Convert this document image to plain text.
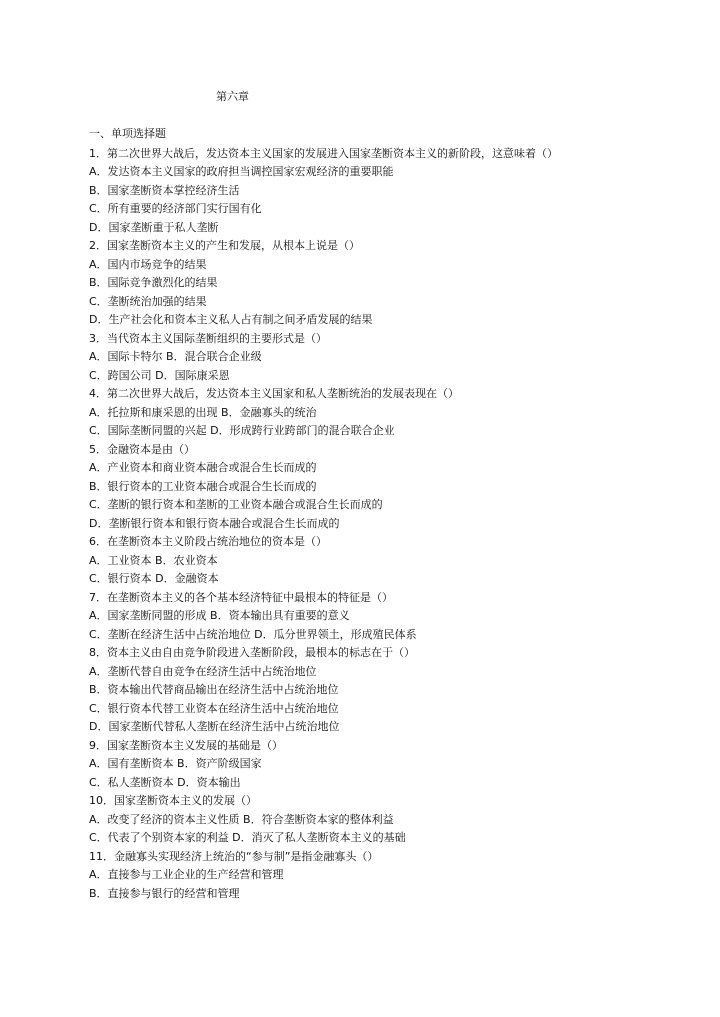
第六章
一、单项选择题
1．第二次世界大战后，发达资本主义国家的发展进入国家垄断资本主义的新阶段，这意味着（）
A．发达资本主义国家的政府担当调控国家宏观经济的重要职能
B．国家垄断资本掌控经济生活
C．所有重要的经济部门实行国有化
D．国家垄断重于私人垄断
2．国家垄断资本主义的产生和发展，从根本上说是（）
A．国内市场竞争的结果
B．国际竞争激烈化的结果
C．垄断统治加强的结果
D．生产社会化和资本主义私人占有制之间矛盾发展的结果
3．当代资本主义国际垄断组织的主要形式是（）
A．国际卡特尔 B．混合联合企业级
C．跨国公司 D．国际康采恩
4．第二次世界大战后，发达资本主义国家和私人垄断统治的发展表现在（）
A．托拉斯和康采恩的出现 B．金融寡头的统治
C．国际垄断同盟的兴起 D．形成跨行业跨部门的混合联合企业
5．金融资本是由（）
A．产业资本和商业资本融合或混合生长而成的
B．银行资本的工业资本融合或混合生长而成的
C．垄断的银行资本和垄断的工业资本融合或混合生长而成的
D．垄断银行资本和银行资本融合或混合生长而成的
6．在垄断资本主义阶段占统治地位的资本是（）
A．工业资本 B．农业资本
C．银行资本 D．金融资本
7．在垄断资本主义的各个基本经济特征中最根本的特征是（）
A．国家垄断同盟的形成 B．资本输出具有重要的意义
C．垄断在经济生活中占统治地位 D．瓜分世界领土，形成殖民体系
8．资本主义由自由竞争阶段进入垄断阶段，最根本的标志在于（）
A．垄断代替自由竞争在经济生活中占统治地位
B．资本输出代替商品输出在经济生活中占统治地位
C．银行资本代替工业资本在经济生活中占统治地位
D．国家垄断代替私人垄断在经济生活中占统治地位
9．国家垄断资本主义发展的基础是（）
A．国有垄断资本 B．资产阶级国家
C．私人垄断资本 D．资本输出
10．国家垄断资本主义的发展（）
A．改变了经济的资本主义性质 B．符合垄断资本家的整体利益
C．代表了个别资本家的利益 D．消灭了私人垄断资本主义的基础
11．金融寡头实现经济上统治的“参与制”是指金融寡头（）
A．直接参与工业企业的生产经营和管理
B．直接参与银行的经营和管理
